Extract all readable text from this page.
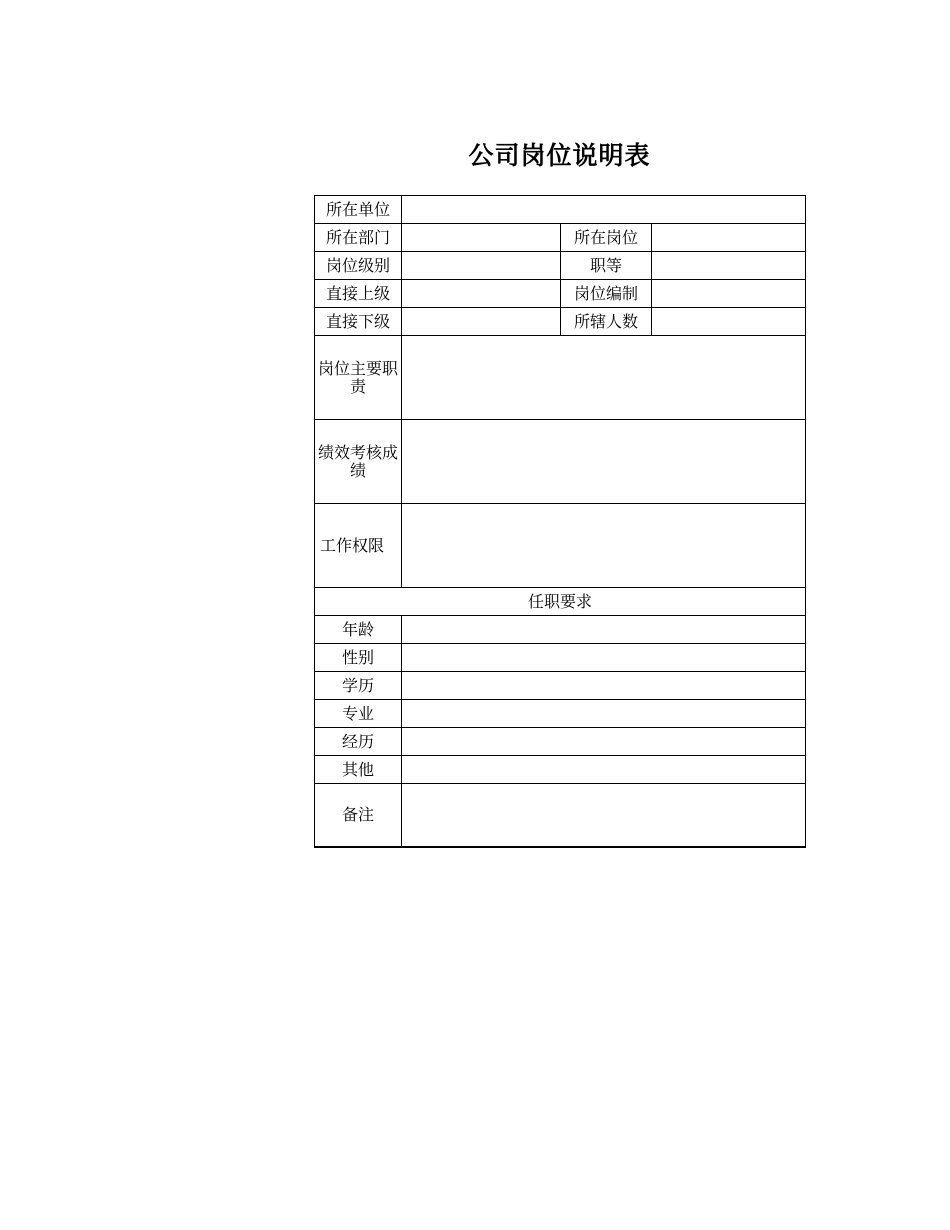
公司岗位说明表
所在单位			
所在部门		所在岗位	
岗位级别		职等	
直接上级		岗位编制	
直接下级		所辖人数	
岗位主要职责			
绩效考核成绩			
工作权限			
任职要求			
年龄			
性别			
学历			
专业			
经历			
其他			
备注			
